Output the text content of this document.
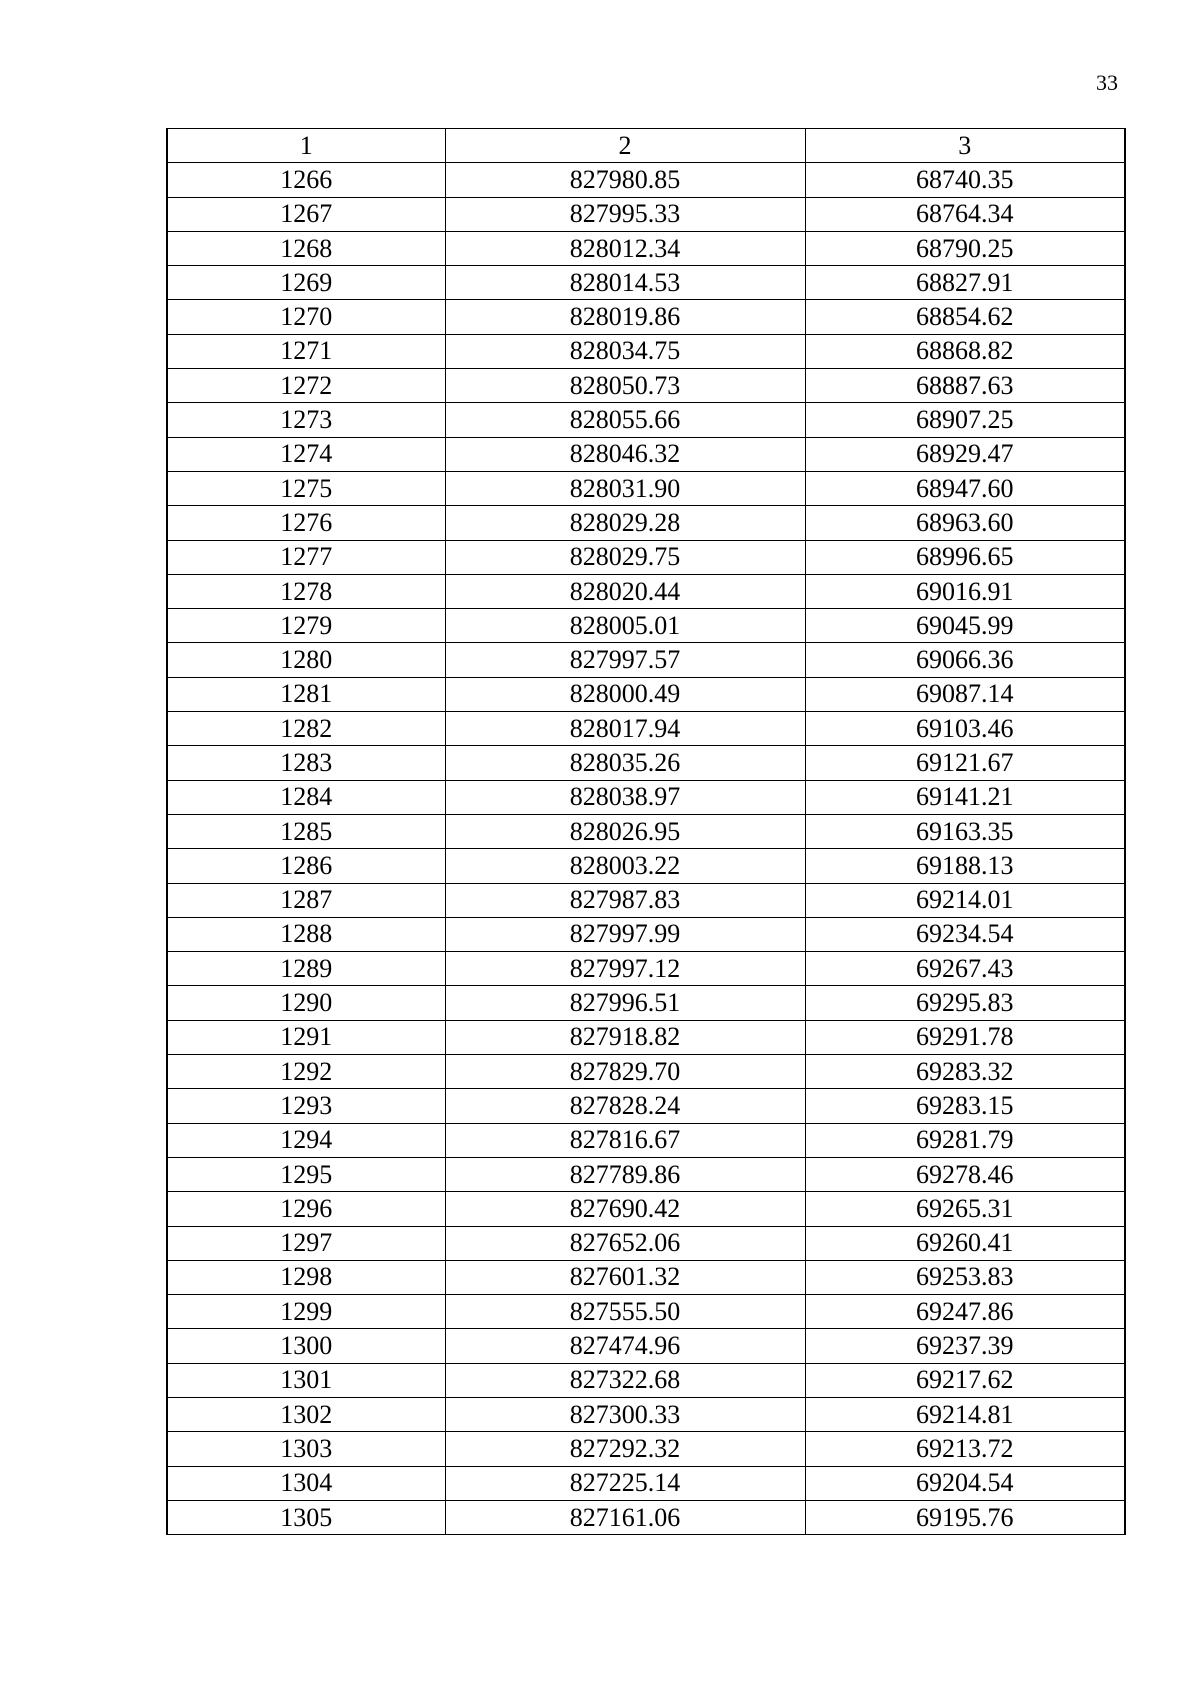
33
1	2	3
1266	827980.85	68740.35
1267	827995.33	68764.34
1268	828012.34	68790.25
1269	828014.53	68827.91
1270	828019.86	68854.62
1271	828034.75	68868.82
1272	828050.73	68887.63
1273	828055.66	68907.25
1274	828046.32	68929.47
1275	828031.90	68947.60
1276	828029.28	68963.60
1277	828029.75	68996.65
1278	828020.44	69016.91
1279	828005.01	69045.99
1280	827997.57	69066.36
1281	828000.49	69087.14
1282	828017.94	69103.46
1283	828035.26	69121.67
1284	828038.97	69141.21
1285	828026.95	69163.35
1286	828003.22	69188.13
1287	827987.83	69214.01
1288	827997.99	69234.54
1289	827997.12	69267.43
1290	827996.51	69295.83
1291	827918.82	69291.78
1292	827829.70	69283.32
1293	827828.24	69283.15
1294	827816.67	69281.79
1295	827789.86	69278.46
1296	827690.42	69265.31
1297	827652.06	69260.41
1298	827601.32	69253.83
1299	827555.50	69247.86
1300	827474.96	69237.39
1301	827322.68	69217.62
1302	827300.33	69214.81
1303	827292.32	69213.72
1304	827225.14	69204.54
1305	827161.06	69195.76
